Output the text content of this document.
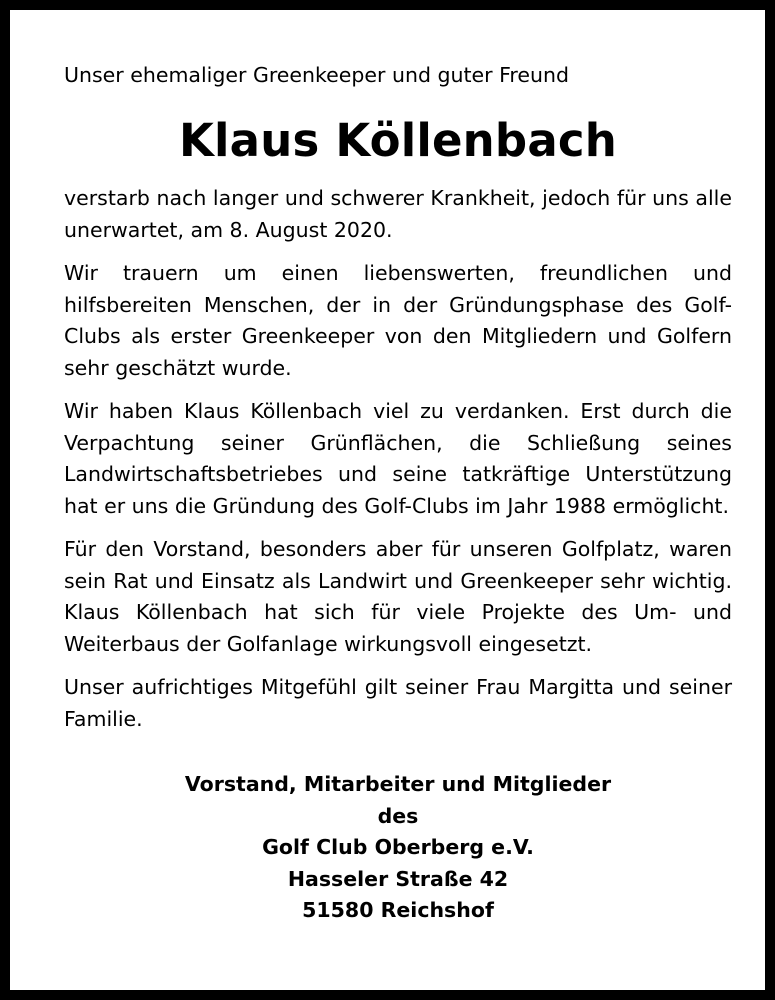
Unser ehemaliger Greenkeeper und guter Freund

Klaus Köllenbach

verstarb nach langer und schwerer Krankheit, jedoch für uns alle unerwartet, am 8. August 2020.

Wir trauern um einen liebenswerten, freundlichen und hilfsbereiten Menschen, der in der Gründungsphase des Golf-Clubs als erster Greenkeeper von den Mitgliedern und Golfern sehr geschätzt wurde.

Wir haben Klaus Köllenbach viel zu verdanken. Erst durch die Verpachtung seiner Grünflächen, die Schließung seines Landwirtschaftsbetriebes und seine tatkräftige Unterstützung hat er uns die Gründung des Golf-Clubs im Jahr 1988 ermöglicht.

Für den Vorstand, besonders aber für unseren Golfplatz, waren sein Rat und Einsatz als Landwirt und Greenkeeper sehr wichtig. Klaus Köllenbach hat sich für viele Projekte des Um- und Weiterbaus der Golfanlage wirkungsvoll eingesetzt.

Unser aufrichtiges Mitgefühl gilt seiner Frau Margitta und seiner Familie.

Vorstand, Mitarbeiter und Mitglieder
des
Golf Club Oberberg e.V.
Hasseler Straße 42
51580 Reichshof
